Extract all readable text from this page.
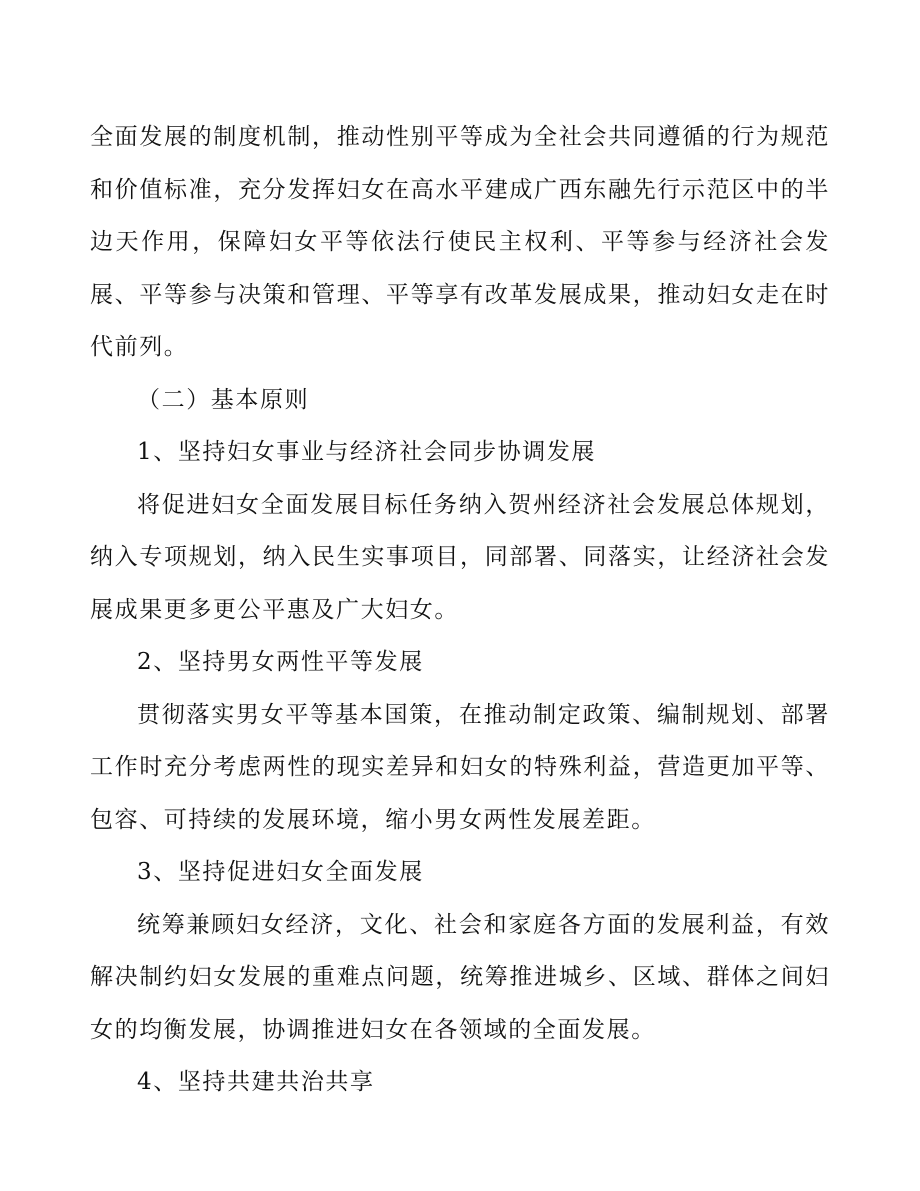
全面发展的制度机制，推动性别平等成为全社会共同遵循的行为规范和价值标准，充分发挥妇女在高水平建成广西东融先行示范区中的半边天作用，保障妇女平等依法行使民主权利、平等参与经济社会发展、平等参与决策和管理、平等享有改革发展成果，推动妇女走在时代前列。

（二）基本原则

1、坚持妇女事业与经济社会同步协调发展

将促进妇女全面发展目标任务纳入贺州经济社会发展总体规划，纳入专项规划，纳入民生实事项目，同部署、同落实，让经济社会发展成果更多更公平惠及广大妇女。

2、坚持男女两性平等发展

贯彻落实男女平等基本国策，在推动制定政策、编制规划、部署工作时充分考虑两性的现实差异和妇女的特殊利益，营造更加平等、包容、可持续的发展环境，缩小男女两性发展差距。

3、坚持促进妇女全面发展

统筹兼顾妇女经济，文化、社会和家庭各方面的发展利益，有效解决制约妇女发展的重难点问题，统筹推进城乡、区域、群体之间妇女的均衡发展，协调推进妇女在各领域的全面发展。

4、坚持共建共治共享
